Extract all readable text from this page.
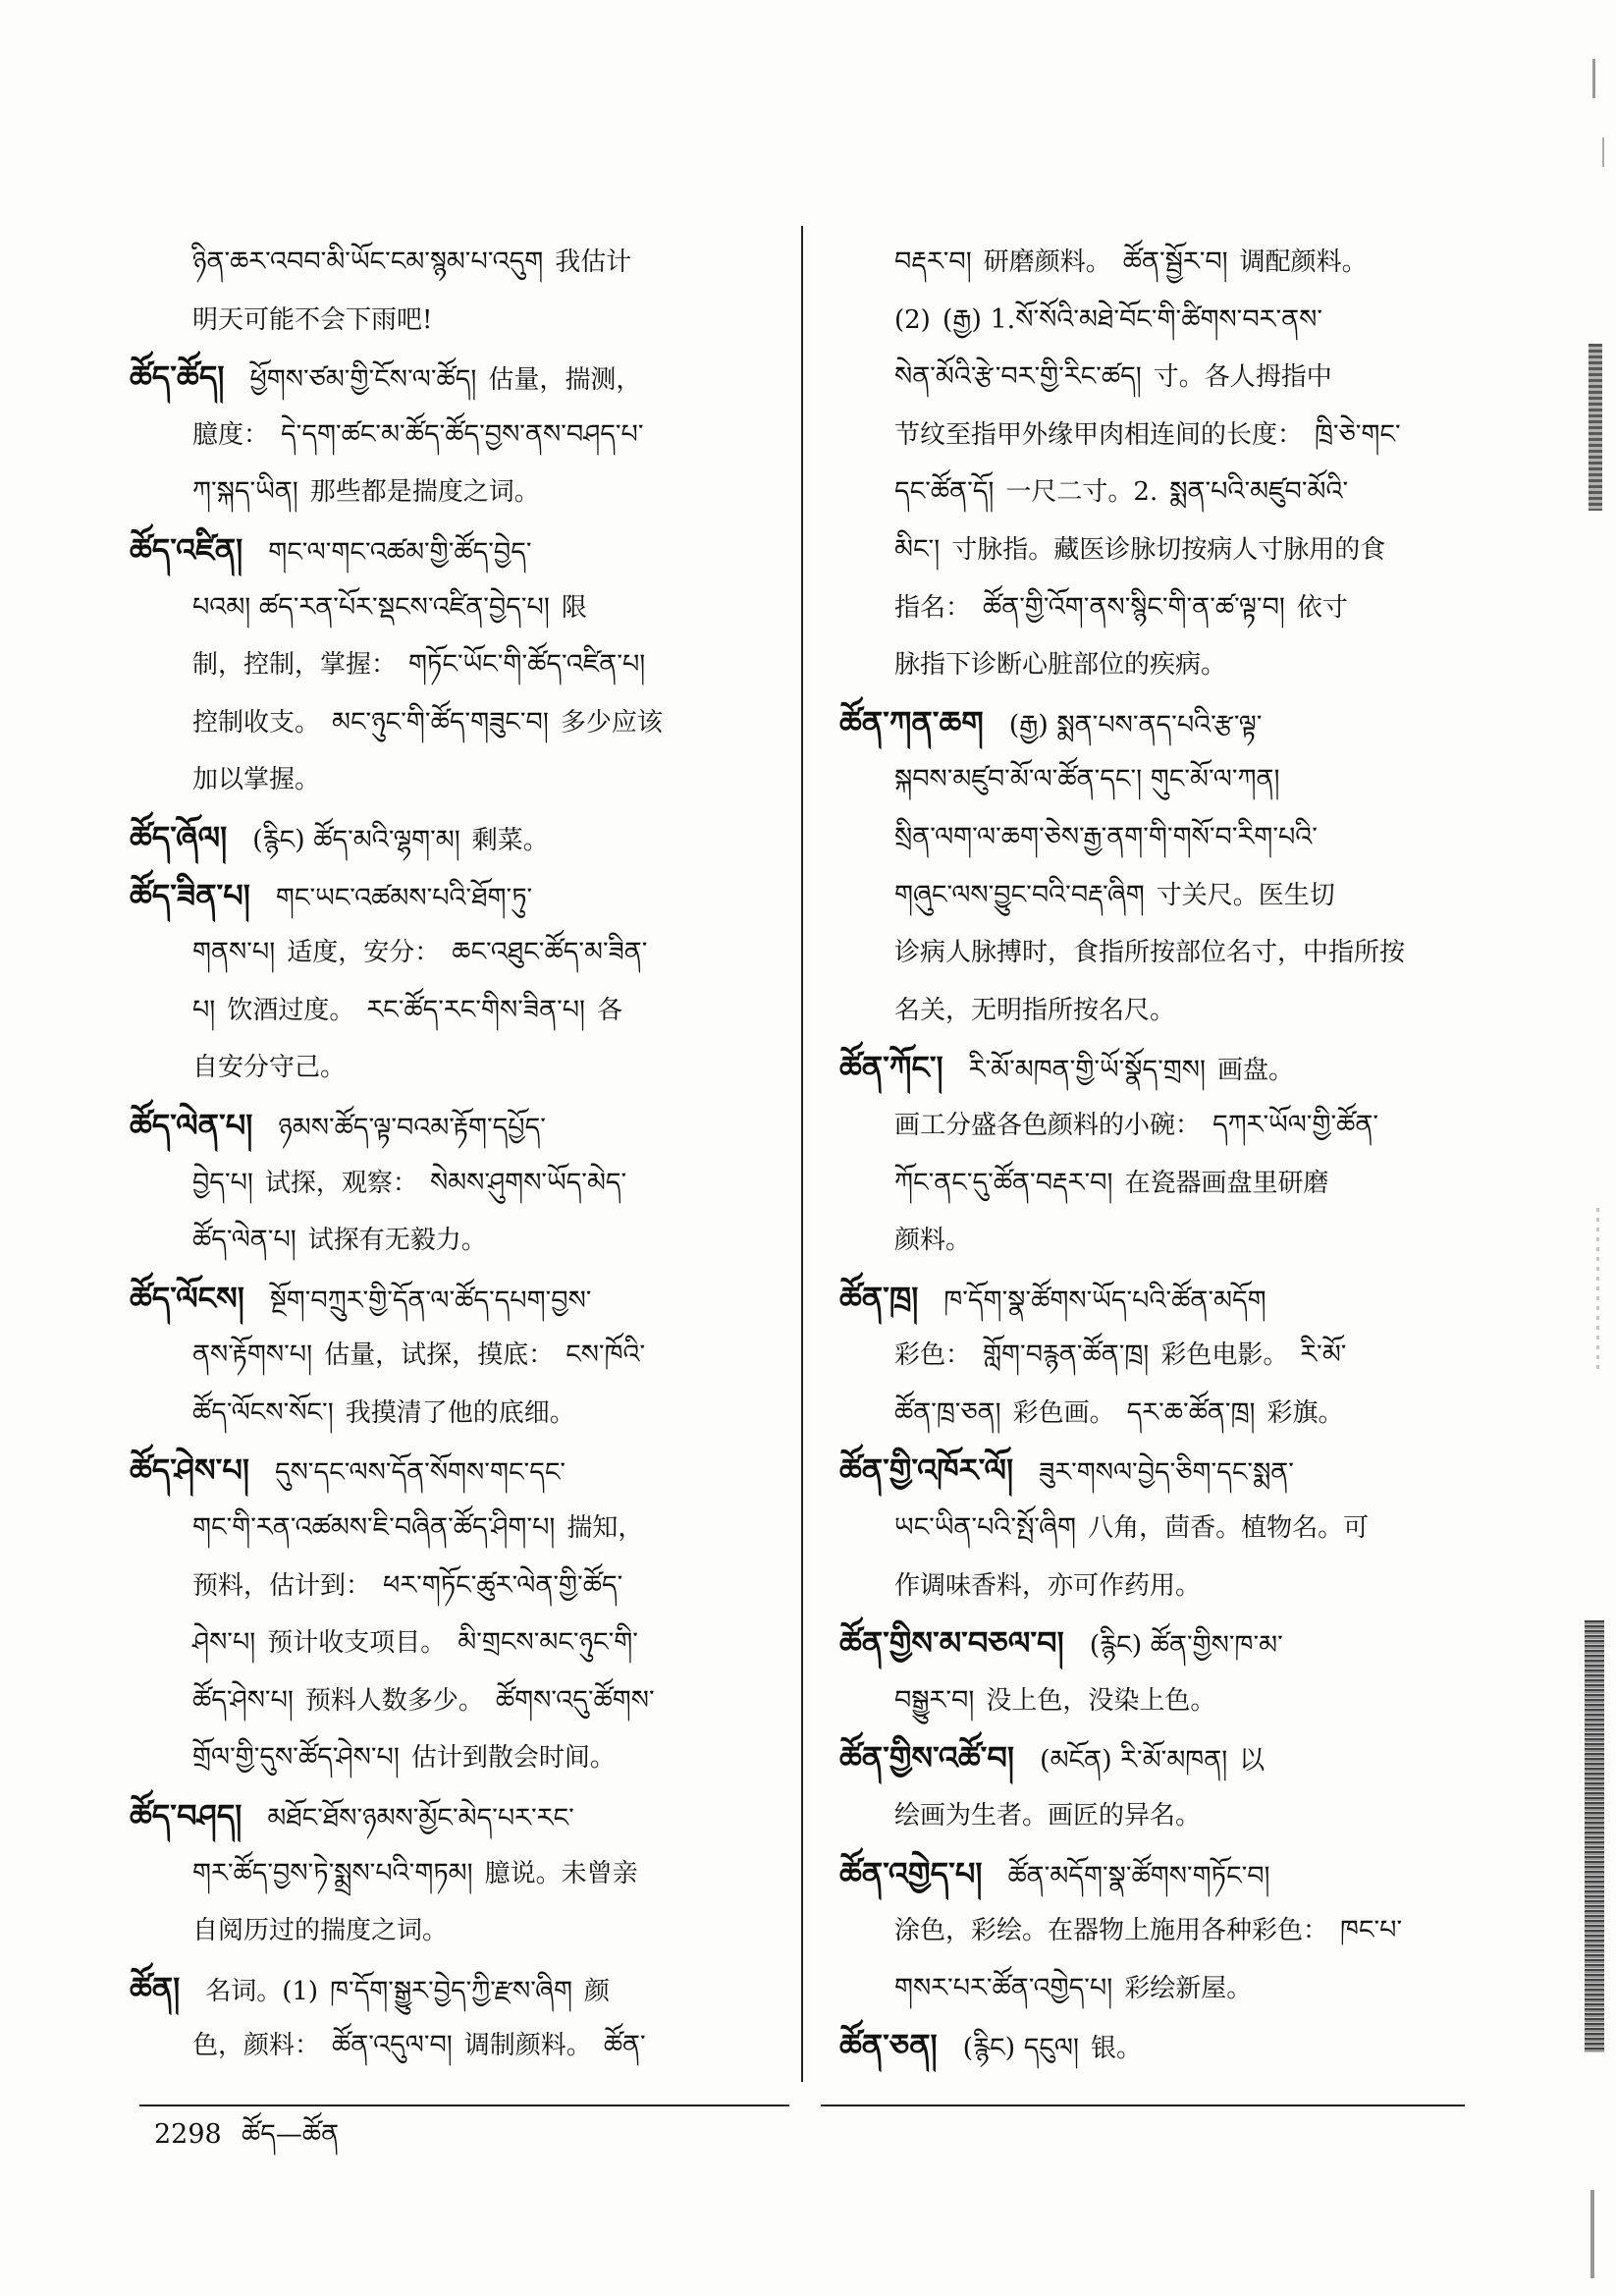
ཉིན་ཆར་འབབ་མི་ཡོང་ངམ་སྙམ་པ་འདུག 我估计
明天可能不会下雨吧!
ཚོད་ཚོད། ཕྱོགས་ཙམ་གྱི་ངོས་ལ་ཚོད། 估量，揣测，
臆度： དེ་དག་ཚང་མ་ཚོད་ཚོད་བྱས་ནས་བཤད་པ་
ཀ་སྐད་ཡིན། 那些都是揣度之词。
ཚོད་འཛིན། གང་ལ་གང་འཚམ་གྱི་ཚོད་བྱེད་
པའམ། ཚད་རན་པོར་སྡངས་འཛིན་བྱེད་པ། 限
制，控制，掌握： གཏོང་ཡོང་གི་ཚོད་འཛིན་པ།
控制收支。 མང་ཉུང་གི་ཚོད་གཟུང་བ། 多少应该
加以掌握。
ཚོད་ཞོལ། (རྙིང) ཚོད་མའི་ལྷག་མ། 剩菜。
ཚོད་ཟིན་པ། གང་ཡང་འཚམས་པའི་ཐོག་ཏུ་
གནས་པ། 适度，安分： ཆང་འཐུང་ཚོད་མ་ཟིན་
པ། 饮酒过度。 རང་ཚོད་རང་གིས་ཟིན་པ། 各
自安分守己。
ཚོད་ལེན་པ། ཉམས་ཚོད་ལྟ་བའམ་རྟོག་དཔྱོད་
བྱེད་པ། 试探，观察： སེམས་ཤུགས་ཡོད་མེད་
ཚོད་ལེན་པ། 试探有无毅力。
ཚོད་ལོངས། སྔོག་བཀྲུར་གྱི་དོན་ལ་ཚོད་དཔག་བྱས་
ནས་རྟོགས་པ། 估量，试探，摸底： ངས་ཁོའི་
ཚོད་ལོངས་སོང་། 我摸清了他的底细。
ཚོད་ཤེས་པ། དུས་དང་ལས་དོན་སོགས་གང་དང་
གང་གི་རན་འཚམས་ཇི་བཞིན་ཚོད་ཤིག་པ། 揣知，
预料，估计到： ཕར་གཏོང་ཚུར་ལེན་གྱི་ཚོད་
ཤེས་པ། 预计收支项目。 མི་གྲངས་མང་ཉུང་གི་
ཚོད་ཤེས་པ། 预料人数多少。 ཚོགས་འདུ་ཚོགས་
གྲོལ་གྱི་དུས་ཚོད་ཤེས་པ། 估计到散会时间。
ཚོད་བཤད། མཐོང་ཐོས་ཉམས་མྱོང་མེད་པར་རང་
གར་ཚོད་བྱས་ཏེ་སྨྲས་པའི་གཏམ། 臆说。未曾亲
自阅历过的揣度之词。
ཚོན། 名词。(1) ཁ་དོག་སྒྱུར་བྱེད་ཀྱི་རྫས་ཞིག 颜
色，颜料： ཚོན་འདུལ་བ། 调制颜料。 ཚོན་
བརྡར་བ། 研磨颜料。 ཚོན་སྦྱོར་བ། 调配颜料。
(2) (རྒྱ) 1.སོ་སོའི་མཐེ་བོང་གི་ཚིགས་བར་ནས་
སེན་མོའི་རྩེ་བར་གྱི་རིང་ཚད། 寸。各人拇指中
节纹至指甲外缘甲肉相连间的长度： ཁྲི་ཅེ་གང་
དང་ཚོན་དོ། 一尺二寸。2. སྨན་པའི་མཛུབ་མོའི་
མིང་། 寸脉指。藏医诊脉切按病人寸脉用的食
指名： ཚོན་གྱི་འོག་ནས་སྙིང་གི་ན་ཚ་ལྟ་བ། 依寸
脉指下诊断心脏部位的疾病。
ཚོན་ཀན་ཆག (རྒྱ) སྨན་པས་ནད་པའི་རྩ་ལྟ་
སྐབས་མཛུབ་མོ་ལ་ཚོན་དང་། གུང་མོ་ལ་ཀན།
སྲིན་ལག་ལ་ཆག་ཅེས་རྒྱ་ནག་གི་གསོ་བ་རིག་པའི་
གཞུང་ལས་བྱུང་བའི་བརྡ་ཞིག 寸关尺。医生切
诊病人脉搏时，食指所按部位名寸，中指所按
名关，无明指所按名尺。
ཚོན་ཀོང་། རི་མོ་མཁན་གྱི་ཡོ་སྣོད་གྲས། 画盘。
画工分盛各色颜料的小碗： དཀར་ཡོལ་གྱི་ཚོན་
ཀོང་ནང་དུ་ཚོན་བརྡར་བ། 在瓷器画盘里研磨
颜料。
ཚོན་ཁྲ། ཁ་དོག་སྣ་ཚོགས་ཡོད་པའི་ཚོན་མདོག
彩色： གློག་བརྙན་ཚོན་ཁྲ། 彩色电影。 རི་མོ་
ཚོན་ཁྲ་ཅན། 彩色画。 དར་ཆ་ཚོན་ཁྲ། 彩旗。
ཚོན་གྱི་འཁོར་ལོ། ཟུར་གསལ་བྱེད་ཅིག་དང་སྨན་
ཡང་ཡིན་པའི་སྤོ་ཞིག 八角，茴香。植物名。可
作调味香料，亦可作药用。
ཚོན་གྱིས་མ་བཅལ་བ། (རྙིང) ཚོན་གྱིས་ཁ་མ་
བསྒྱུར་བ། 没上色，没染上色。
ཚོན་གྱིས་འཚོ་བ། (མངོན) རི་མོ་མཁན། 以
绘画为生者。画匠的异名。
ཚོན་འགྱེད་པ། ཚོན་མདོག་སྣ་ཚོགས་གཏོང་བ།
涂色，彩绘。在器物上施用各种彩色： ཁང་པ་
གསར་པར་ཚོན་འགྱེད་པ། 彩绘新屋。
ཚོན་ཅན། (རྙིང) དངུལ། 银。
2298 ཚོད—ཚོན
